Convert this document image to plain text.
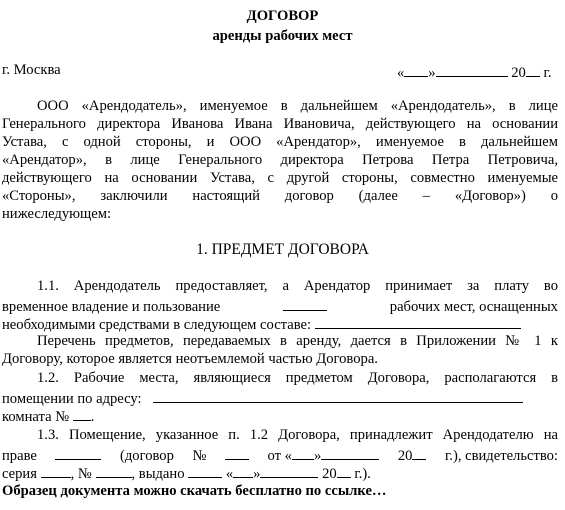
ДОГОВОР
аренды рабочих мест
г. Москва	« »	20 г.
ООО «Арендодатель», именуемое в дальнейшем «Арендодатель», в лице
Генерального директора Иванова Ивана Ивановича, действующего на основании
Устава, с одной стороны, и ООО «Арендатор», именуемое в дальнейшем
«Арендатор», в лице Генерального директора Петрова Петра Петровича,
действующего на основании Устава, с другой стороны, совместно именуемые
«Стороны», заключили настоящий договор (далее – «Договор») о
нижеследующем:
1. ПРЕДМЕТ ДОГОВОРА
1.1. Арендодатель предоставляет, а Арендатор принимает за плату во
временное владение и пользование	рабочих мест, оснащенных
необходимыми средствами в следующем составе:
Перечень предметов, передаваемых в аренду, дается в Приложении № 1 к
Договору, которое является неотъемлемой частью Договора.
1.2. Рабочие места, являющиеся предметом Договора, располагаются в
помещении по адресу:
комната № .
1.3. Помещение, указанное п. 1.2 Договора, принадлежит Арендодателю на
праве	(договор №	от « »	20	г.), свидетельство:
серия , №	, выдано	« »	20 г.).
Образец документа можно скачать бесплатно по ссылке…
